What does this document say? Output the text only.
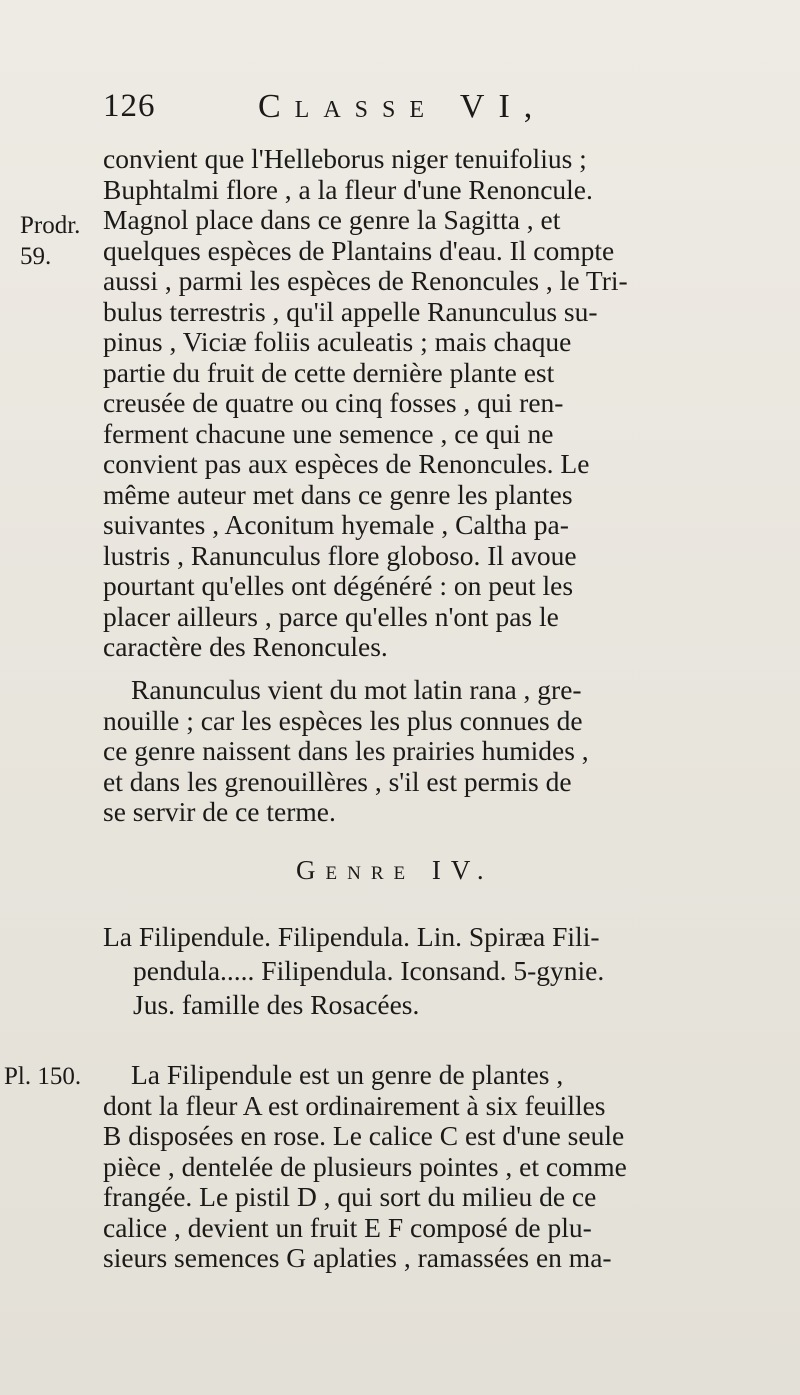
126	Classe VI,
Prodr.
59.

convient que l'Helleborus niger tenuifolius ;

Buphtalmi flore , a la fleur d'une Renoncule.

Magnol place dans ce genre la Sagitta , et

quelques espèces de Plantains d'eau. Il compte

aussi , parmi les espèces de Renoncules , le Tri-

bulus terrestris , qu'il appelle Ranunculus su-

pinus , Viciæ foliis aculeatis ; mais chaque

partie du fruit de cette dernière plante est

creusée de quatre ou cinq fosses , qui ren-

ferment chacune une semence , ce qui ne

convient pas aux espèces de Renoncules. Le

même auteur met dans ce genre les plantes

suivantes , Aconitum hyemale , Caltha pa-

lustris , Ranunculus flore globoso. Il avoue

pourtant qu'elles ont dégénéré : on peut les

placer ailleurs , parce qu'elles n'ont pas le

caractère des Renoncules.

Ranunculus vient du mot latin rana , gre-

nouille ; car les espèces les plus connues de

ce genre naissent dans les prairies humides ,

et dans les grenouillères , s'il est permis de

se servir de ce terme.

Genre IV.

La Filipendule. Filipendula. Lin. Spiræa Fili-

pendula..... Filipendula. Iconsand. 5-gynie.

Jus. famille des Rosacées.

Pl. 150.	La Filipendule est un genre de plantes ,

dont la fleur A est ordinairement à six feuilles

B disposées en rose. Le calice C est d'une seule

pièce , dentelée de plusieurs pointes , et comme

frangée. Le pistil D , qui sort du milieu de ce

calice , devient un fruit E F composé de plu-

sieurs semences G aplaties , ramassées en ma-
